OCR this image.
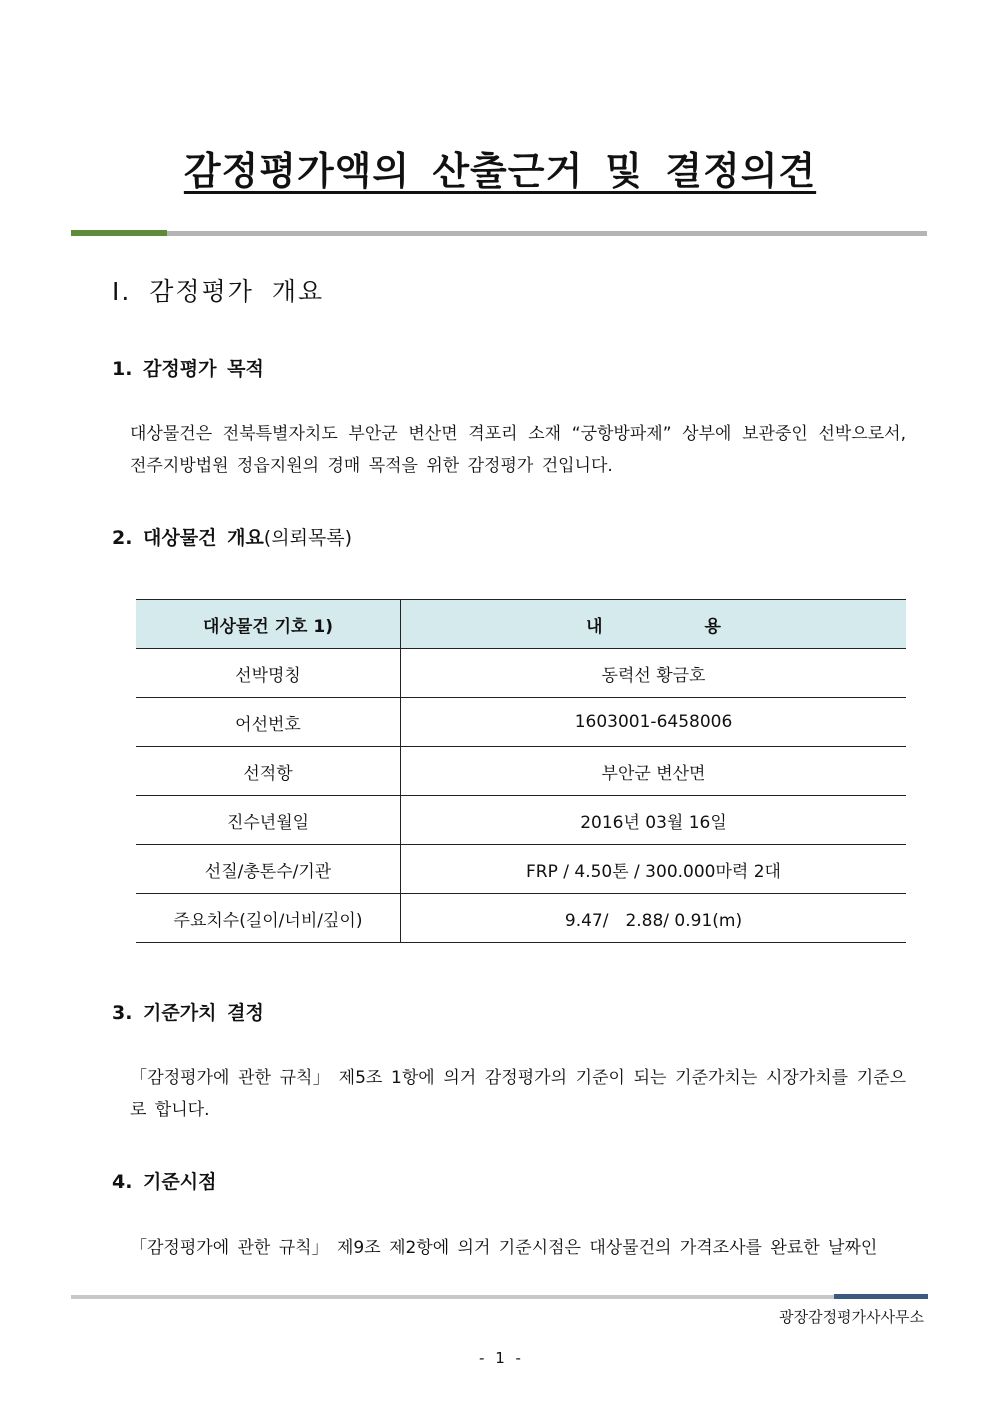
감정평가액의 산출근거 및 결정의견
Ⅰ. 감정평가 개요
1. 감정평가 목적
대상물건은 전북특별자치도 부안군 변산면 격포리 소재 “궁항방파제” 상부에 보관중인 선박으로서, 전주지방법원 정읍지원의 경매 목적을 위한 감정평가 건입니다.
2. 대상물건 개요(의뢰목록)
대상물건 기호 1)	내　　　　　　용
선박명칭	동력선 황금호
어선번호	1603001-6458006
선적항	부안군 변산면
진수년월일	2016년 03월 16일
선질/총톤수/기관	FRP / 4.50톤 / 300.000마력 2대
주요치수(길이/너비/깊이)	9.47/　2.88/ 0.91(m)
3. 기준가치 결정
「감정평가에 관한 규칙」 제5조 1항에 의거 감정평가의 기준이 되는 기준가치는 시장가치를 기준으로 합니다.
4. 기준시점
「감정평가에 관한 규칙」 제9조 제2항에 의거 기준시점은 대상물건의 가격조사를 완료한 날짜인
광장감정평가사사무소
- 1 -
